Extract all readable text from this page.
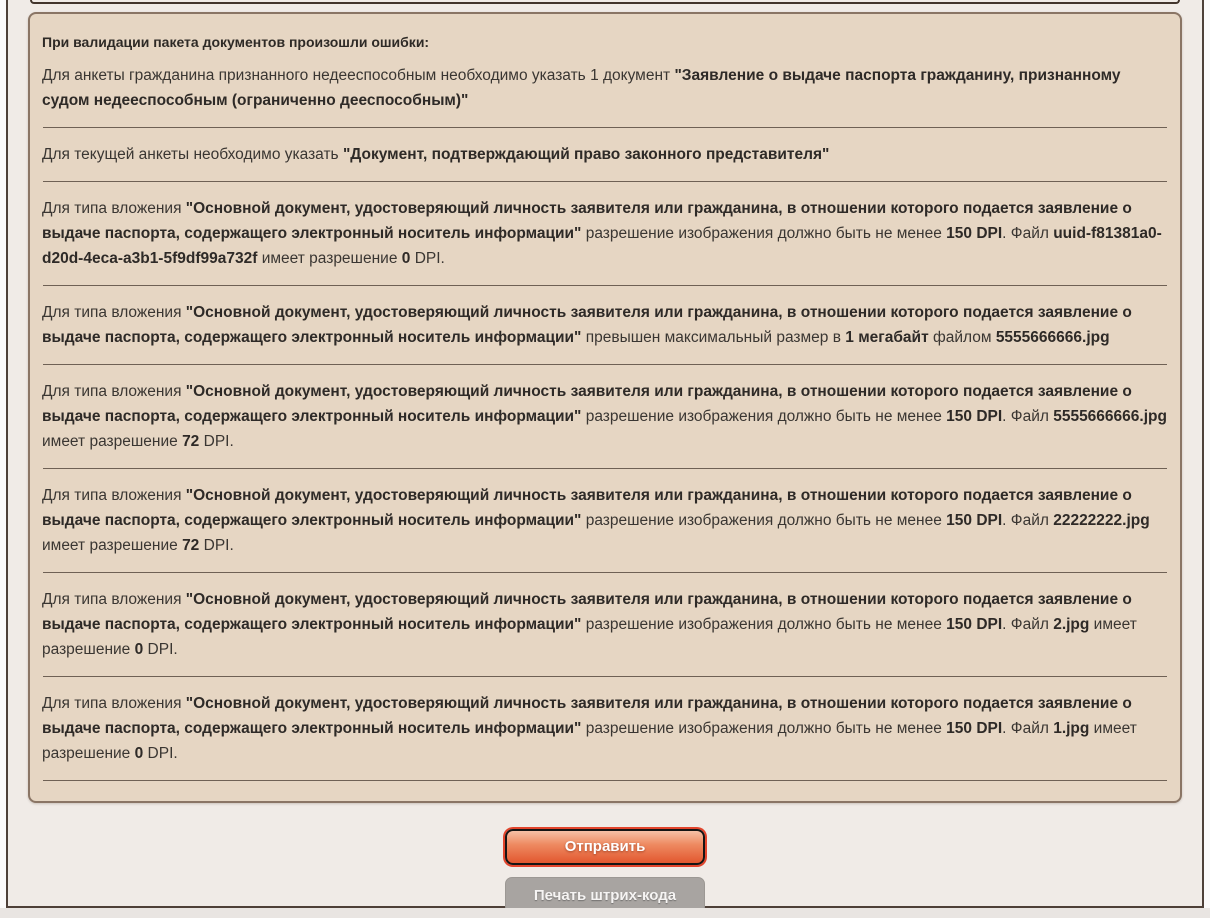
При валидации пакета документов произошли ошибки:
Для анкеты гражданина признанного недееспособным необходимо указать 1 документ "Заявление о выдаче паспорта гражданину, признанному судом недееспособным (ограниченно дееспособным)"
Для текущей анкеты необходимо указать "Документ, подтверждающий право законного представителя"
Для типа вложения "Основной документ, удостоверяющий личность заявителя или гражданина, в отношении которого подается заявление о выдаче паспорта, содержащего электронный носитель информации" разрешение изображения должно быть не менее 150 DPI. Файл uuid-f81381a0-d20d-4eca-a3b1-5f9df99a732f имеет разрешение 0 DPI.
Для типа вложения "Основной документ, удостоверяющий личность заявителя или гражданина, в отношении которого подается заявление о выдаче паспорта, содержащего электронный носитель информации" превышен максимальный размер в 1 мегабайт файлом 5555666666.jpg
Для типа вложения "Основной документ, удостоверяющий личность заявителя или гражданина, в отношении которого подается заявление о выдаче паспорта, содержащего электронный носитель информации" разрешение изображения должно быть не менее 150 DPI. Файл 5555666666.jpg имеет разрешение 72 DPI.
Для типа вложения "Основной документ, удостоверяющий личность заявителя или гражданина, в отношении которого подается заявление о выдаче паспорта, содержащего электронный носитель информации" разрешение изображения должно быть не менее 150 DPI. Файл 22222222.jpg имеет разрешение 72 DPI.
Для типа вложения "Основной документ, удостоверяющий личность заявителя или гражданина, в отношении которого подается заявление о выдаче паспорта, содержащего электронный носитель информации" разрешение изображения должно быть не менее 150 DPI. Файл 2.jpg имеет разрешение 0 DPI.
Для типа вложения "Основной документ, удостоверяющий личность заявителя или гражданина, в отношении которого подается заявление о выдаче паспорта, содержащего электронный носитель информации" разрешение изображения должно быть не менее 150 DPI. Файл 1.jpg имеет разрешение 0 DPI.
Отправить
Печать штрих-кода
